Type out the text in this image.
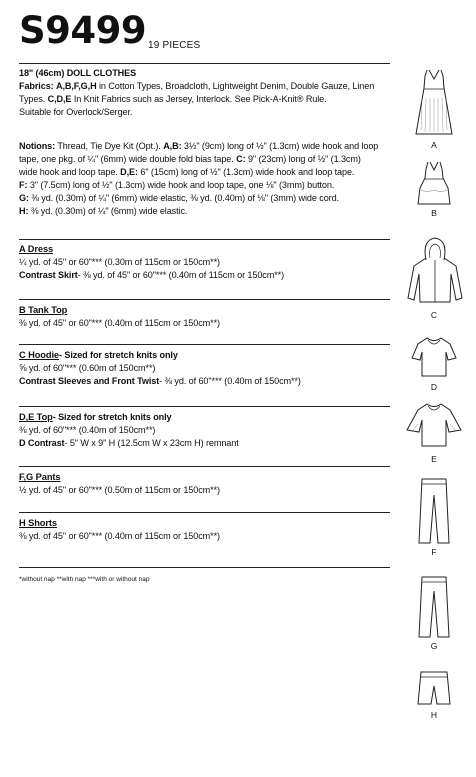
S9499 19 PIECES
18" (46cm) DOLL CLOTHES
Fabrics: A,B,F,G,H in Cotton Types, Broadcloth, Lightweight Denim, Double Gauze, Linen
Types. C,D,E In Knit Fabrics such as Jersey, Interlock. See Pick-A-Knit® Rule.
Suitable for Overlock/Serger.
Notions: Thread, Tie Dye Kit (Opt.). A,B: 3½" (9cm) long of ½" (1.3cm) wide hook and loop
tape, one pkg. of ¼" (6mm) wide double fold bias tape. C: 9" (23cm) long of ½" (1.3cm)
wide hook and loop tape. D,E: 6" (15cm) long of ½" (1.3cm) wide hook and loop tape.
F: 3" (7.5cm) long of ½" (1.3cm) wide hook and loop tape, one ⅛" (3mm) button.
G: ⅜ yd. (0.30m) of ¼" (6mm) wide elastic, ⅜ yd. (0.40m) of ⅛" (3mm) wide cord.
H: ⅜ yd. (0.30m) of ¼" (6mm) wide elastic.
A Dress
¼ yd. of 45" or 60"*** (0.30m of 115cm or 150cm**)
Contrast Skirt- ⅜ yd. of 45" or 60"*** (0.40m of 115cm or 150cm**)
B Tank Top
⅜ yd. of 45" or 60"*** (0.40m of 115cm or 150cm**)
C Hoodie- Sized for stretch knits only
⅝ yd. of 60"*** (0.60m of 150cm**)
Contrast Sleeves and Front Twist- ⅜ yd. of 60"*** (0.40m of 150cm**)
D,E Top- Sized for stretch knits only
⅜ yd. of 60"*** (0.40m of 150cm**)
D Contrast- 5" W x 9" H (12.5cm W x 23cm H) remnant
F,G Pants
½ yd. of 45" or 60"*** (0.50m of 115cm or 150cm**)
H Shorts
⅜ yd. of 45" or 60"*** (0.40m of 115cm or 150cm**)
*without nap **with nap ***with or without nap
A
B
C
D
E
F
G
H
